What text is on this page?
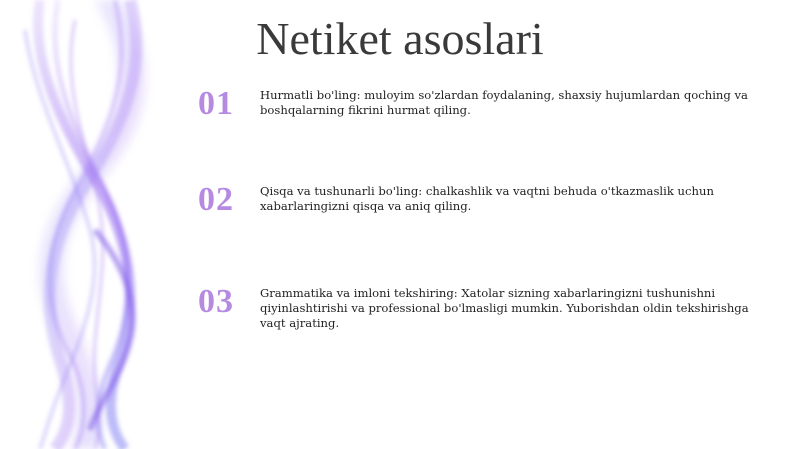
Netiket asoslari
01 Hurmatli bo'ling: muloyim so'zlardan foydalaning, shaxsiy hujumlardan qoching va boshqalarning fikrini hurmat qiling.

02 Qisqa va tushunarli bo'ling: chalkashlik va vaqtni behuda o'tkazmaslik uchun xabarlaringizni qisqa va aniq qiling.

03 Grammatika va imloni tekshiring: Xatolar sizning xabarlaringizni tushunishni qiyinlashtirishi va professional bo'lmasligi mumkin. Yuborishdan oldin tekshirishga vaqt ajrating.
